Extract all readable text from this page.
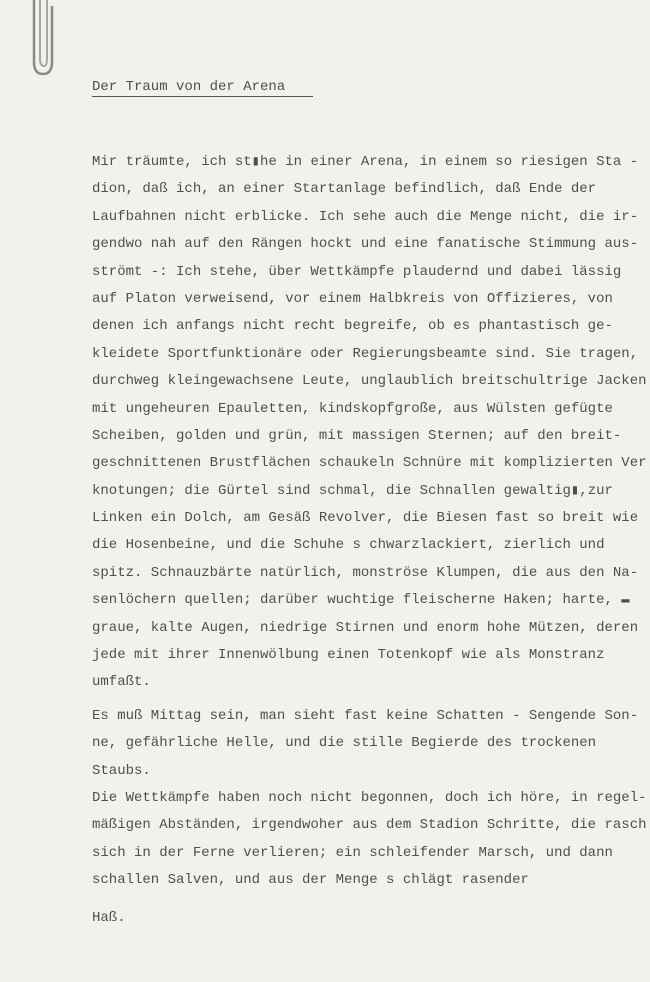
Der Traum von der Arena
Mir träumte, ich st▮he in einer Arena, in einem so riesigen Sta -
dion, daß ich, an einer Startanlage befindlich, daß Ende der
Laufbahnen nicht erblicke. Ich sehe auch die Menge nicht, die ir-
gendwo nah auf den Rängen hockt und eine fanatische Stimmung aus-
strömt -: Ich stehe, über Wettkämpfe plaudernd und dabei lässig
auf Platon verweisend, vor einem Halbkreis von Offizieres, von
denen ich anfangs nicht recht begreife, ob es phantastisch ge-
kleidete Sportfunktionäre oder Regierungsbeamte sind. Sie tragen,
durchweg kleingewachsene Leute, unglaublich breitschultrige Jacken
mit ungeheuren Epauletten, kindskopfgroße, aus Wülsten gefügte
Scheiben, golden und grün, mit massigen Sternen; auf den breit-
geschnittenen Brustflächen schaukeln Schnüre mit komplizierten Ver
knotungen; die Gürtel sind schmal, die Schnallen gewaltig▮,zur
Linken ein Dolch, am Gesäß Revolver, die Biesen fast so breit wie
die Hosenbeine, und die Schuhe s chwarzlackiert, zierlich und
spitz. Schnauzbärte natürlich, monströse Klumpen, die aus den Na-
senlöchern quellen; darüber wuchtige fleischerne Haken; harte, ▬
graue, kalte Augen, niedrige Stirnen und enorm hohe Mützen, deren
jede mit ihrer Innenwölbung einen Totenkopf wie als Monstranz
umfaßt.
Es muß Mittag sein, man sieht fast keine Schatten - Sengende Son-
ne, gefährliche Helle, und die stille Begierde des trockenen
Staubs.
Die Wettkämpfe haben noch nicht begonnen, doch ich höre, in regel-
mäßigen Abständen, irgendwoher aus dem Stadion Schritte, die rasch
sich in der Ferne verlieren; ein schleifender Marsch, und dann
schallen Salven, und aus der Menge s chlägt rasender
Haß.
